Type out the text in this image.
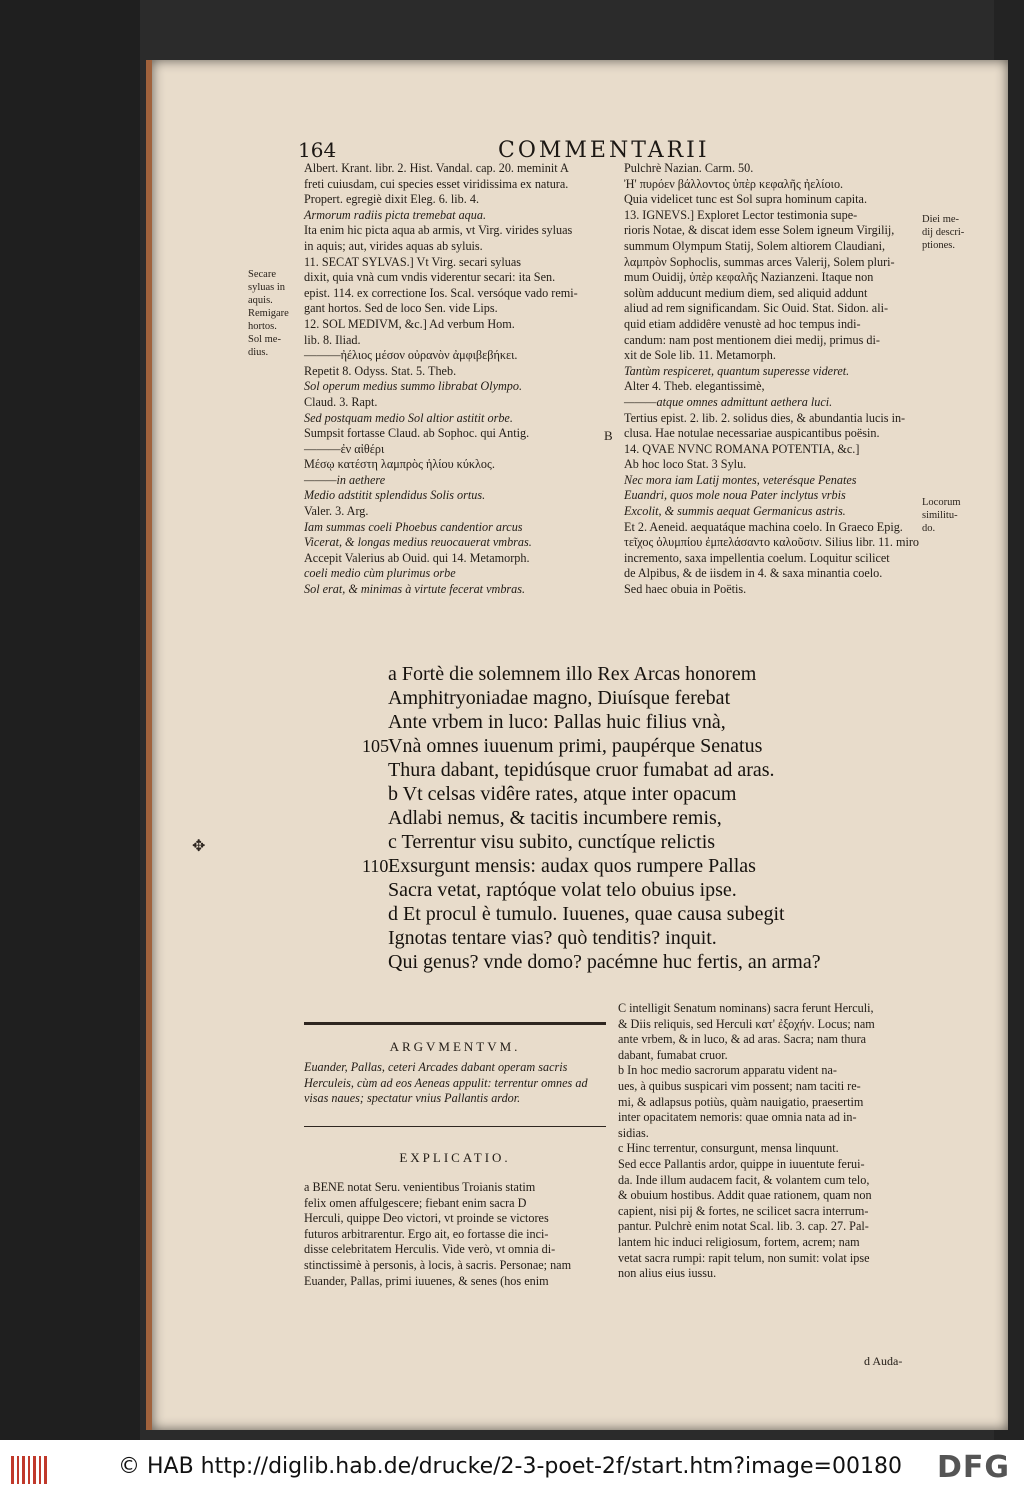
164	COMMENTARII

Albert. Krant. libr. 2. Hist. Vandal. cap. 20. meminit A

freti cuiusdam, cui species esset viridissima ex natura.

Propert. egregiè dixit Eleg. 6. lib. 4.

Armorum radiis picta tremebat aqua.

Ita enim hic picta aqua ab armis, vt Virg. virides syluas

in aquis; aut, virides aquas ab syluis.

11. SECAT SYLVAS.] Vt Virg. secari syluas

dixit, quia vnà cum vndis viderentur secari: ita Sen.

epist. 114. ex correctione Ios. Scal. versóque vado remi-

gant hortos. Sed de loco Sen. vide Lips.

12. SOL MEDIVM, &c.] Ad verbum Hom.

lib. 8. Iliad.

———ἠέλιος μέσον οὐρανὸν ἀμφιβεβήκει.

Repetit 8. Odyss. Stat. 5. Theb.

Sol operum medius summo librabat Olympo.

Claud. 3. Rapt.

Sed postquam medio Sol altior astitit orbe.

Sumpsit fortasse Claud. ab Sophoc. qui Antig.

———ἐν αἰθέρι

Μέσῳ κατέστη λαμπρὸς ἡλίου κύκλος.

———in aethere

Medio adstitit splendidus Solis ortus.

Valer. 3. Arg.

Iam summas coeli Phoebus candentior arcus

Vicerat, & longas medius reuocauerat vmbras.

Accepit Valerius ab Ouid. qui 14. Metamorph.

coeli medio cùm plurimus orbe

Sol erat, & minimas à virtute fecerat vmbras.

Pulchrè Nazian. Carm. 50.

Ἠ' πυρόεν βάλλοντος ὑπὲρ κεφαλῆς ἠελίοιο.

Quia videlicet tunc est Sol supra hominum capita.

13. IGNEVS.] Exploret Lector testimonia supe-

rioris Notae, & discat idem esse Solem igneum Virgilij,

summum Olympum Statij, Solem altiorem Claudiani,

λαμπρὸν Sophoclis, summas arces Valerij, Solem pluri-

mum Ouidij, ὑπὲρ κεφαλῆς Nazianzeni. Itaque non

solùm adducunt medium diem, sed aliquid addunt

aliud ad rem significandam. Sic Ouid. Stat. Sidon. ali-

quid etiam addidêre venustè ad hoc tempus indi-

candum: nam post mentionem diei medij, primus di-

xit de Sole lib. 11. Metamorph.

Tantùm respiceret, quantum superesse videret.

Alter 4. Theb. elegantissimè,

———atque omnes admittunt aethera luci.

Tertius epist. 2. lib. 2. solidus dies, & abundantia lucis in-

clusa. Hae notulae necessariae auspicantibus poësin.

14. QVAE NVNC ROMANA POTENTIA, &c.]

Ab hoc loco Stat. 3 Sylu.

Nec mora iam Latij montes, veterésque Penates

Euandri, quos mole noua Pater inclytus vrbis

Excolit, & summis aequat Germanicus astris.

Et 2. Aeneid. aequatáque machina coelo. In Graeco Epig.

τεῖχος ὀλυμπίου ἐμπελάσαντο καλοῦσιν. Silius libr. 11. miro

incremento, saxa impellentia coelum. Loquitur scilicet

de Alpibus, & de iisdem in 4. & saxa minantia coelo.

Sed haec obuia in Poëtis.

Secare
syluas in
aquis.
Remigare
hortos.
Sol me-
dius.
Diei me-
dij descri-
ptiones.
Locorum
similitu-
do.
B

a Fortè die solemnem illo Rex Arcas honorem

Amphitryoniadae magno, Diuísque ferebat

Ante vrbem in luco: Pallas huic filius vnà,

105 Vnà omnes iuuenum primi, paupérque Senatus

Thura dabant, tepidúsque cruor fumabat ad aras.

b Vt celsas vidêre rates, atque inter opacum

Adlabi nemus, & tacitis incumbere remis,

c Terrentur visu subito, cunctíque relictis

110 Exsurgunt mensis: audax quos rumpere Pallas

Sacra vetat, raptóque volat telo obuius ipse.

d Et procul è tumulo. Iuuenes, quae causa subegit

Ignotas tentare vias? quò tenditis? inquit.

Qui genus? vnde domo? pacémne huc fertis, an arma?

✥
ARGVMENTVM.

Euander, Pallas, ceteri Arcades dabant operam sacris

Herculeis, cùm ad eos Aeneas appulit: terrentur omnes ad

visas naues; spectatur vnius Pallantis ardor.

EXPLICATIO.

a BENE notat Seru. venientibus Troianis statim

felix omen affulgescere; fiebant enim sacra D

Herculi, quippe Deo victori, vt proinde se victores

futuros arbitrarentur. Ergo ait, eo fortasse die inci-

disse celebritatem Herculis. Vide verò, vt omnia di-

stinctissimè à personis, à locis, à sacris. Personae; nam

Euander, Pallas, primi iuuenes, & senes (hos enim

C intelligit Senatum nominans) sacra ferunt Herculi,

& Diis reliquis, sed Herculi κατ' ἐξοχήν. Locus; nam

ante vrbem, & in luco, & ad aras. Sacra; nam thura

dabant, fumabat cruor.

b In hoc medio sacrorum apparatu vident na-

ues, à quibus suspicari vim possent; nam taciti re-

mi, & adlapsus potiùs, quàm nauigatio, praesertim

inter opacitatem nemoris: quae omnia nata ad in-

sidias.

c Hinc terrentur, consurgunt, mensa linquunt.

Sed ecce Pallantis ardor, quippe in iuuentute ferui-

da. Inde illum audacem facit, & volantem cum telo,

& obuium hostibus. Addit quae rationem, quam non

capient, nisi pij & fortes, ne scilicet sacra interrum-

pantur. Pulchrè enim notat Scal. lib. 3. cap. 27. Pal-

lantem hic induci religiosum, fortem, acrem; nam

vetat sacra rumpi: rapit telum, non sumit: volat ipse

non alius eius iussu.

d Auda-
© HAB http://diglib.hab.de/drucke/2-3-poet-2f/start.htm?image=00180 DFG
